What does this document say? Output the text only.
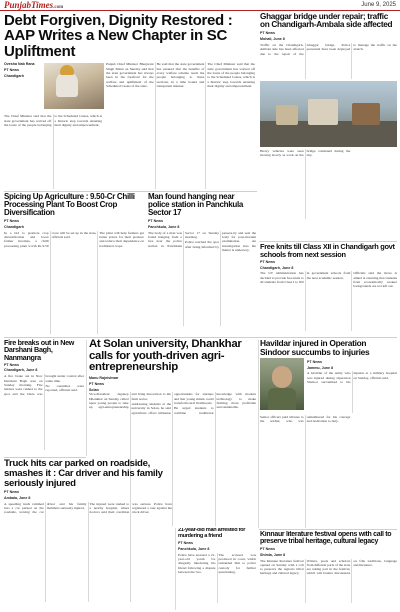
PunjabTimes.com	June 9, 2025
Debt Forgiven, Dignity Restored : AAP Writes a New Chapter in SC Upliftment
Ovesha Nab Rana
PT News
Chandigarh

Punjab Chief Minister Bhagwant Singh Mann on Sunday said that the state government has always been in the forefront for the welfare and upliftment of the Scheduled Castes of the state.

He said that the state government has ensured that the benefits of every welfare scheme reach the people belonging to these sections, in a time bound and transparent manner.

The Chief Minister said that the state government has waived off the loans of the people belonging to the Scheduled Castes, which is a historic step towards ensuring their dignity and empowerment.

The Chief Minister said that the state government has waived off the loans of the people belonging to the Scheduled Castes, which is a historic step towards ensuring their dignity and empowerment.

Ghaggar bridge under repair; traffic on Chandigarh-Ambala side affected
PT News
Mohali, June 8

Traffic on the Chandigarh-Ambala side has been affected due to the repair of the Ghaggar bridge. Police personnel have been deployed to manage the traffic on the stretch.

Heavy vehicles were seen moving slowly as work on the bridge continued during the day.

Spicing Up Agriculture : 9.50-Cr Chilli Processing Plant To Boost Crop Diversification
PT News
Chandigarh

In a bid to promote crop diversification and boost farmer incomes, a chilli processing plant worth Rs 9.50 crore will be set up in the state, officials said.

The plant will help farmers get better prices for their produce and reduce their dependence on traditional crops.

Man found hanging near police station in Panchkula Sector 17
PT News
Panchkula, June 8

The body of a man was found hanging from a tree near the police station in Panchkula Sector 17 on Sunday morning.

Police reached the spot after being informed by passers-by and sent the body for post-mortem examination. An investigation into the matter is underway.	Free knits till Class XII in Chandigarh govt schools from next session
PT News
Chandigarh, June 8

The UT administration has decided to provide free knits to all students from Class I to XII in government schools from the next academic session.

Officials said the move is aimed at ensuring that students from economically weaker backgrounds are not left out.

Fire breaks out in New Darshani Bagh, Nanmangra
PT News
Chandigarh, June 8

A fire broke out in New Darshani Bagh area on Sunday morning. Fire tenders were rushed to the spot and the blaze was brought under control after some time.

No casualties were reported, officials said.

At Solan university, Dhankhar calls for youth-driven agri-entrepreneurship
Manu Rajnishwar
PT News
Solan

Vice-President Jagdeep Dhankhar on Sunday called upon young people to take up agri-entrepreneurship and bring innovation to the farm sector.

Addressing students at the university in Solan, he said agriculture offers immense opportunities for startups and that young minds could transform rural livelihoods.

He urged students to combine traditional knowledge with modern technology to make farming more profitable and sustainable.

Havildar injured in Operation Sindoor succumbs to injuries
PT News
Jammu, June 8

A havildar of the Army who was injured during Operation Sindoor succumbed to his injuries at a military hospital on Sunday, officials said.

Senior officers paid tributes to the soldier, who was remembered for his courage and dedication to duty.

Truck hits car parked on roadside, smashes it : Car driver and his family seriously injured
PT News
Ambala, June 8

A speeding truck rammed into a car parked on the roadside, leaving the car driver and his family members seriously injured.

The injured were rushed to a nearby hospital, where doctors said their condition was serious. Police have registered a case against the truck driver.

21-year-old man arrested for murdering a friend
PT News
Panchkula, June 8

Police have arrested a 21-year-old youth for allegedly murdering his friend following a dispute between the two.

The accused was produced in court, which remanded him to police custody for further questioning.

Kinnaur literature festival opens with call to preserve tribal heritage, cultural legacy
PT News
Shimla, June 8

The Kinnaur literature festival opened on Sunday with a call to preserve the region's tribal heritage and cultural legacy.

Writers, poets and scholars from different parts of the state are taking part in the festival, which will feature discussions on folk traditions, language and literature.
